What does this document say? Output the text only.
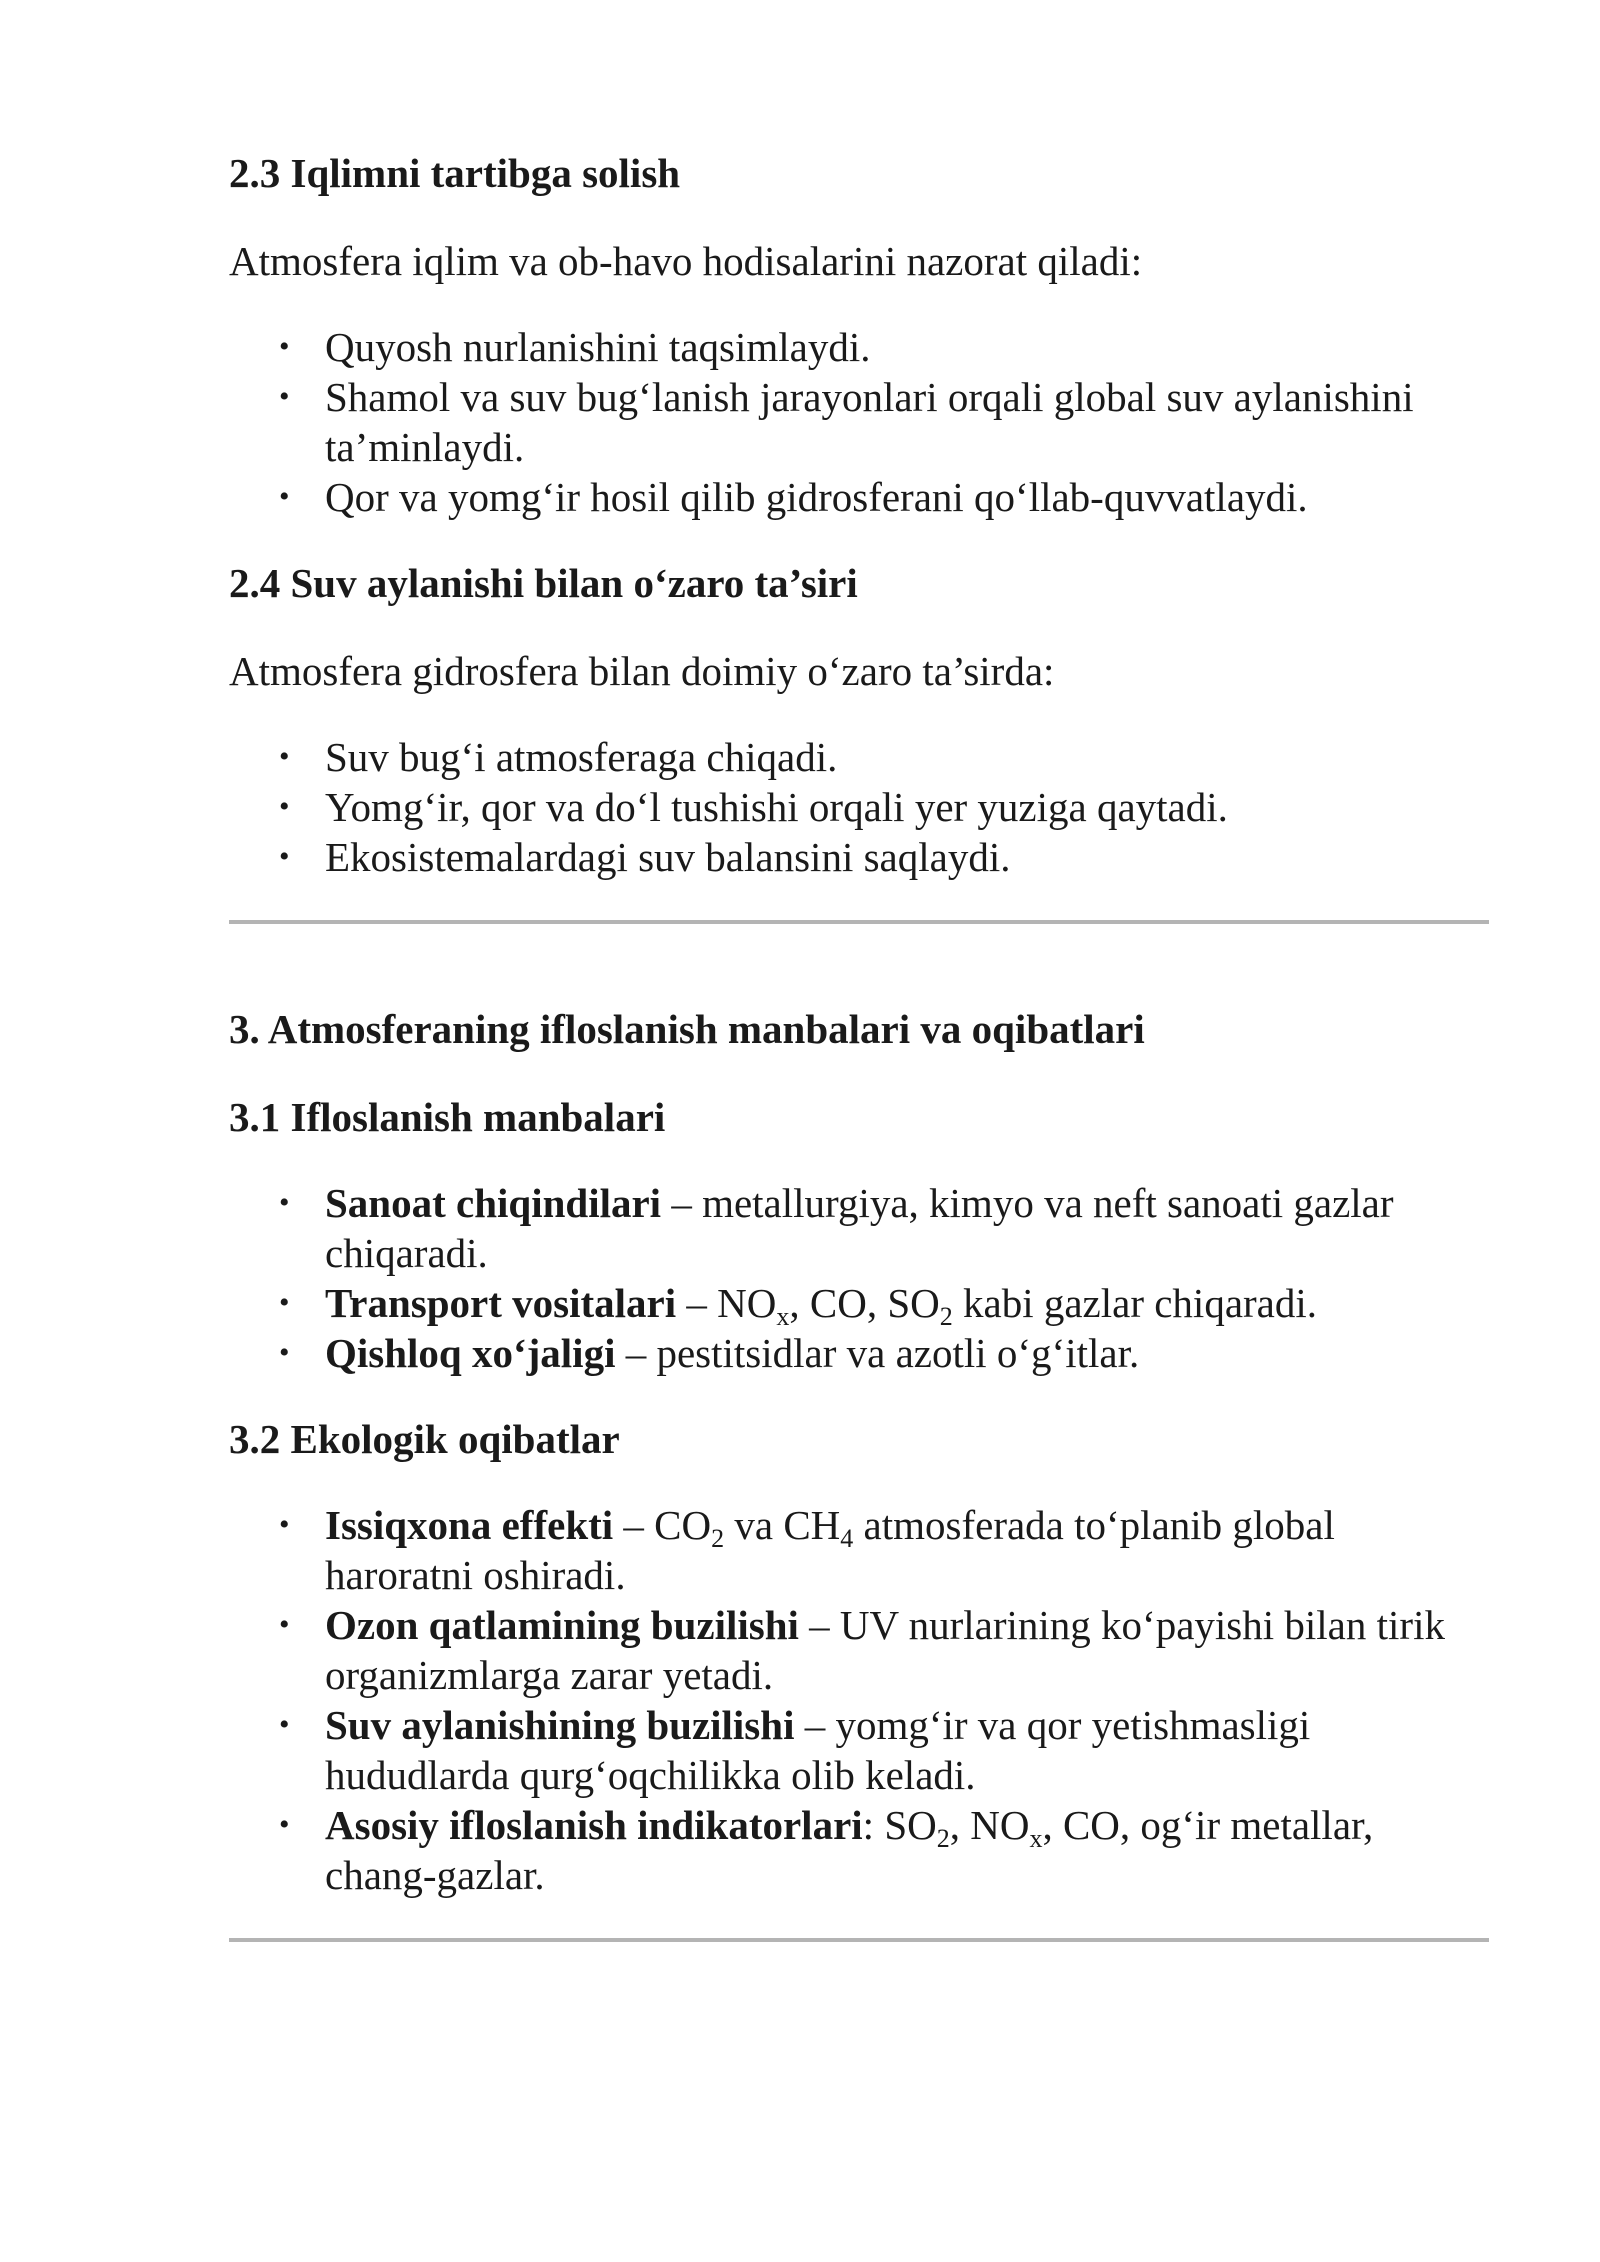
2.3 Iqlimni tartibga solish

Atmosfera iqlim va ob-havo hodisalarini nazorat qiladi:

• Quyosh nurlanishini taqsimlaydi.
• Shamol va suv bug‘lanish jarayonlari orqali global suv aylanishini ta’minlaydi.
• Qor va yomg‘ir hosil qilib gidrosferani qo‘llab-quvvatlaydi.
2.4 Suv aylanishi bilan o‘zaro ta’siri

Atmosfera gidrosfera bilan doimiy o‘zaro ta’sirda:

• Suv bug‘i atmosferaga chiqadi.
• Yomg‘ir, qor va do‘l tushishi orqali yer yuziga qaytadi.
• Ekosistemalardagi suv balansini saqlaydi.
3. Atmosferaning ifloslanish manbalari va oqibatlari
3.1 Ifloslanish manbalari
• Sanoat chiqindilari – metallurgiya, kimyo va neft sanoati gazlar chiqaradi.
• Transport vositalari – $NO_x$, CO, $SO_2$ kabi gazlar chiqaradi.
• Qishloq xo‘jaligi – pestitsidlar va azotli o‘g‘itlar.
3.2 Ekologik oqibatlar
• Issiqxona effekti – $CO_2$ va $CH_4$ atmosferada to‘planib global haroratni oshiradi.
• Ozon qatlamining buzilishi – UV nurlarining ko‘payishi bilan tirik organizmlarga zarar yetadi.
• Suv aylanishining buzilishi – yomg‘ir va qor yetishmasligi hududlarda qurg‘oqchilikka olib keladi.
• Asosiy ifloslanish indikatorlari: $SO_2$, $NO_x$, CO, og‘ir metallar, chang-gazlar.
